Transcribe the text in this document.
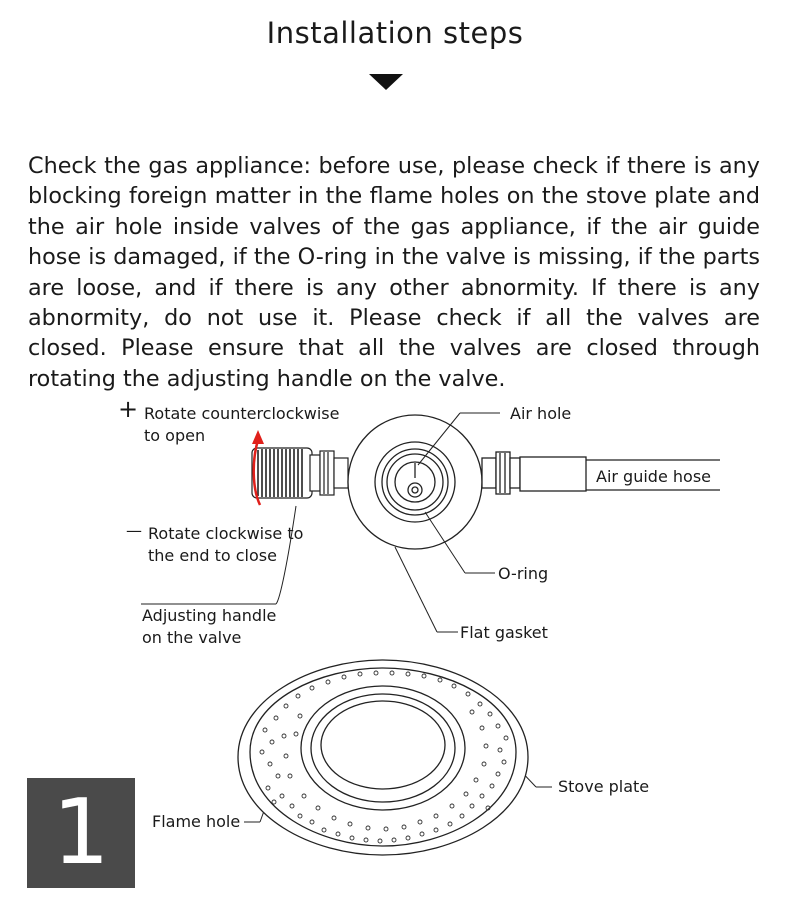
Installation steps

Check the gas appliance: before use, please check if there is any blocking foreign matter in the flame holes on the stove plate and the air hole inside valves of the gas appliance, if the air guide hose is damaged, if the O-ring in the valve is missing, if the parts are loose, and if there is any other abnormity. If there is any abnormity, do not use it. Please check if all the valves are closed. Please ensure that all the valves are closed through rotating the adjusting handle on the valve.

+ Rotate counterclockwise
to open
— Rotate clockwise to
the end to close
Adjusting handle
on the valve
Air hole
Air guide hose
O-ring
Flat gasket
Stove plate
Flame hole
1
